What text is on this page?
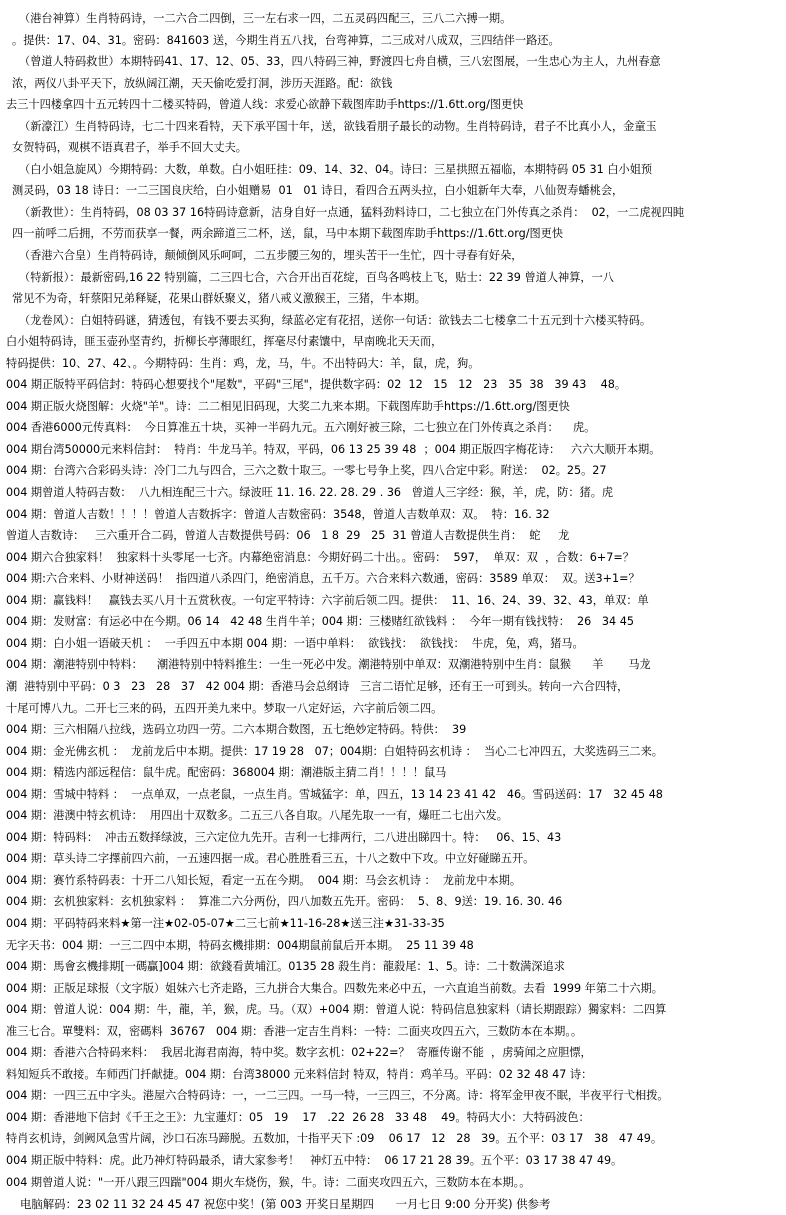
（港台神算）生肖特码诗，一二六合二四倒，三一左右求一四，二五灵码四配三，三八二六搏一期。
。提供：17、04、31。密码：841603 送，今期生肖五八找，台弯神算，二三成对八成双，三四结伴一路还。
（曾道人特码救世）本期特码41、17、12、05、33，四八特码三神，野渡四七舟自横，三八宏图展，一生忠心为主人，九州春意
浓，两仪八卦平天下，放纵阔江潮，天天偷吃爱打洞，涉历天涯路。配：欲钱
去三十四楼拿四十五元转四十二楼买特码，曾道人线：求爱心欲静下载图库助手https://1.6tt.org/图更快
（新濠江）生肖特码诗，七二十四来看特，天下承平国十年，送，欲钱看朋子最长的动物。生肖特码诗，君子不比真小人，金童玉
女贺特码，观棋不语真君子，举手不回大丈夫。
（白小姐急旋风）今期特码：大数，单数。白小姐旺挂：09、14、32、04。诗曰：三星拱照五福临，本期特码 05 31 白小姐预
测灵码，03 18 诗日：一二三国良庆给，白小姐赠易  01   01 诗日，看四合五两头拉，白小姐新年大奉，八仙贺寿蟠桃会，
（新教世）：生肖特码，08 03 37 16特码诗意新，洁身自好一点通，猛料劲料诗口，二七独立在门外传真之杀肖：  02，一二虎视四盹
四一前呼二后拥，不劳而获享一餐，两余蹄道三二杯，送，鼠，马中本期下载图库助手https://1.6tt.org/图更快
（香港六合皇）生肖特码诗，颠倾倒风乐呵呵，二五步腰三匆的，埋头苦干一生忙，四十寻春有好朵，
（特新报）：最新密码,16 22 特别篇，二三四七合，六合开出百花绽，百鸟各鸣枝上飞，贴士：22 39 曾道人神算，一八
常见不为奇，轩蔡阳兄弟释疑，花果山群妖聚义，猪八戒义激猴王，三猪，牛本期。
（龙卷风）：白姐特码谜，猜透包，有钱不要去买狗，绿蓝必定有花招，送你一句话：欲钱去二七楼拿二十五元到十六楼买特码。
白小姐特码诗，匪玉壶孙坚青约，折柳长亭薄眼红，挥毫尽付素馕中，早南晚北天天而，
特码提供：10、27、42、。今期特码：生肖：鸡，龙，马，牛。不出特码大：羊，鼠，虎，狗。
004 期正版特平码信封：特码心想要找个"尾数"，平码"三尾"，提供数字码：02  12   15   12   23   35  38   39 43    48。
004 期正版火烧图解：火烧"羊"。诗：二二相见旧码现，大奖二九来本期。下载图库助手https://1.6tt.org/图更快
004 香港6000元传真料：  今日算准五十块，买神一半码九元。五六刚好被三除，二七独立在门外传真之杀肖：    虎。
004 期台湾50000元来料信封：  特肖：牛龙马羊。特双，平码，06 13 25 39 48  ；004 期正版四字梅花诗：   六六大顺开本期。
004 期：台湾六合彩码头诗：冷门二九与四合，三六之数十取三。一零七号争上奖，四八合定中彩。附送：  02。25。27
004 期曾道人特码吉数：  八九相连配三十六。绿波旺 11. 16. 22. 28. 29 . 36   曾道人三字经：猴，羊，虎，防：猪。虎
004 期：曾道人吉数！！！！曾道人吉数拆字：曾道人吉数密码：3548，曾道人吉数单双：双。  特：16. 32
曾道人吉数诗：   三六重开合二码，曾道人吉数提供号码：06   1 8  29   25  31 曾道人吉数提供生肖：  蛇     龙
004 期六合独家料！  独家料十头零尾一七齐。内幕绝密消息：今期好码二十出。。密码：  597，  单双：双  ，合数：6+7=？
004 期:六合来料、小财神送码！  指四道八杀四门，绝密消息，五千万。六合来料六数通，密码：3589 单双：  双。送3+1=？
004 期：赢钱料！   赢钱去买八月十五赏秋夜。一句定平特诗：六字前后领二四。提供：  11、16、24、39、32、43，单双：单
004 期：发财富：有运必中在今期。06 14   42 48 生肖牛羊；004 期：三楼赌红欲钱料 ：  今年一期有钱找特：  26   34 45
004 期：白小姐一语破天机 ：  一手四五中本期 004 期：一语中单料：  欲钱找：  欲钱找：  牛虎，兔，鸡，猪马。
004 期：潮港特别中特料：    潮港特别中特料推生：一生一死必中发。潮港特别中单双：双潮港特别中生肖：鼠猴      羊       马龙
潮  港特别中平码：0 3   23   28   37   42 004 期：香港马会总纲诗   三言二语忙足够，还有王一可到头。转向一六合四特，
十尾可博八九。二开七三来的码，五四开美九来中。梦取一八定好运，六字前后领二四。
004 期：三六相隔八拉线，选码立功四一劳。二六本期合数图，五七绝妙定特码。特供：  39
004 期：金光佛玄机 ：  龙前龙后中本期。提供：17 19 28   07；004期：白姐特码玄机诗 ：  当心二七冲四五，大奖选码三二来。
004 期：精选内部远程信：鼠牛虎。配密码：368004 期：潮港版主猜二肖！！！！鼠马
004 期：雪城中特料 ：  一点单双，一点老鼠，一点生肖。雪城猛字：单，四五，13 14 23 41 42   46。雪码送码：17   32 45 48
004 期：港澳中特玄机诗：  用四出十双数多。二五三八各自取。八尾先取一一有，爆旺二七出六发。
004 期：特码料：  冲击五数择绿波，三六定位九先开。吉利一七排两行，二八进出睇四十。特：   06、15、43
004 期：草头诗二字擇前四六前，一五速四据一成。君心胜胜看三五，十八之数中下攻。中立好碰睇五开。
004 期：赛竹系特码表：十开二八知长短，看定一五在今期。  004 期：马会玄机诗 ：  龙前龙中本期。
004 期：玄机独家料：玄机独家料 ：  算准二六分两份，四八加数五先开。密码：  5、8、9送：19. 16. 30. 46
004 期：平码特码来料★第一注★02-05-07★二三七前★11-16-28★送三注★31-33-35
无字天书：004 期：一三二四中本期，特码玄機排期：004期鼠前鼠后开本期。  25 11 39 48
004 期：馬會玄機排期[一碼贏]004 期：欲錢看黄埔江。0135 28 殺生肖：龍殺尾：1、5。诗：二十数满深追求
004 期：正版足球报（文字版）姐妹六七齐走路，三九拼合大集合。四数先来必中五，一六直追当前数。去看  1999 年第二十六期。
004 期：曾道人说：004 期：牛，龍，羊，猴，虎。马。（双）+004 期：曾道人说：特码信息独家料（请长期跟踪）獨家料：二四算
准三七合。單雙料：双，密碼料  36767   004 期：香港一定吉生肖料：一特：二面夹攻四五六，三数防本在本期。。
004 期：香港六合特码来料：  我居北海君南海，特中奖。数字玄机：02+22=？  寄雁传谢不能  ，虏骑闻之应胆慓，
料知短兵不敢接。车师西门扦献捷。004 期：台湾38000 元来料信封 特双，特肖：鸡羊马。平码：02 32 48 47 诗：
004 期：一四三五中字头。港屋六合特码诗：一，一二三四。一马一特，一三四三，不分离。诗：将军金甲夜不眠，半夜平行弋相拨。
004 期：香港地下信封《千王之王》：九宝蓮灯：05   19    17   .22  26 28   33 48    49。特码大小：大特码波色：
特肖玄机诗，剑阙风急雪片阔，沙口石冻马蹄脱。五数加，十指平天下 :09    06 17   12   28   39。五个平：03 17   38   47 49。
004 期正版中特料：虎。此乃神灯特码最杀，请大家参考！   神灯五中特：  06 17 21 28 39。五个平：03 17 38 47 49。
004 期曾道人说："一开八跟三四踹"004 期火车烧伤，猴，牛。诗：二面夹攻四五六，三数防本在本期。。
电脑解码：23 02 11 32 24 45 47 祝您中奖！(第 003 开奖日星期四      一月七日 9:00 分开奖) 供参考
